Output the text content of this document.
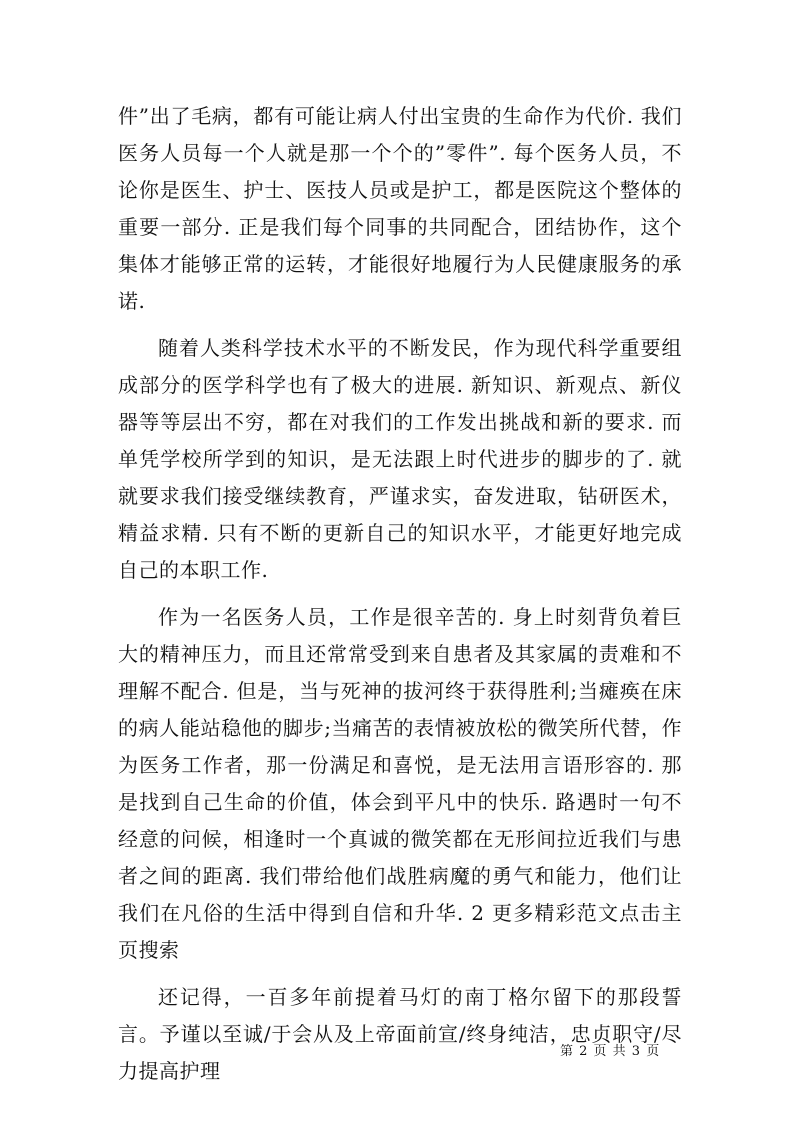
件”出了毛病，都有可能让病人付出宝贵的生命作为代价. 我们医务人员每一个人就是那一个个的”零件”. 每个医务人员，不论你是医生、护士、医技人员或是护工，都是医院这个整体的重要一部分. 正是我们每个同事的共同配合，团结协作，这个集体才能够正常的运转，才能很好地履行为人民健康服务的承诺.

随着人类科学技术水平的不断发民，作为现代科学重要组成部分的医学科学也有了极大的进展. 新知识、新观点、新仪器等等层出不穷，都在对我们的工作发出挑战和新的要求. 而单凭学校所学到的知识，是无法跟上时代进步的脚步的了. 就就要求我们接受继续教育，严谨求实，奋发进取，钻研医术，精益求精. 只有不断的更新自己的知识水平，才能更好地完成自己的本职工作.

作为一名医务人员，工作是很辛苦的. 身上时刻背负着巨大的精神压力，而且还常常受到来自患者及其家属的责难和不理解不配合. 但是，当与死神的拔河终于获得胜利;当瘫痪在床的病人能站稳他的脚步;当痛苦的表情被放松的微笑所代替，作为医务工作者，那一份满足和喜悦，是无法用言语形容的. 那是找到自己生命的价值，体会到平凡中的快乐. 路遇时一句不经意的问候，相逢时一个真诚的微笑都在无形间拉近我们与患者之间的距离. 我们带给他们战胜病魔的勇气和能力，他们让我们在凡俗的生活中得到自信和升华. 2 更多精彩范文点击主页搜索

还记得，一百多年前提着马灯的南丁格尔留下的那段誓言。予谨以至诚/于会从及上帝面前宣/终身纯洁，忠贞职守/尽力提高护理

第 2 页 共 3 页
